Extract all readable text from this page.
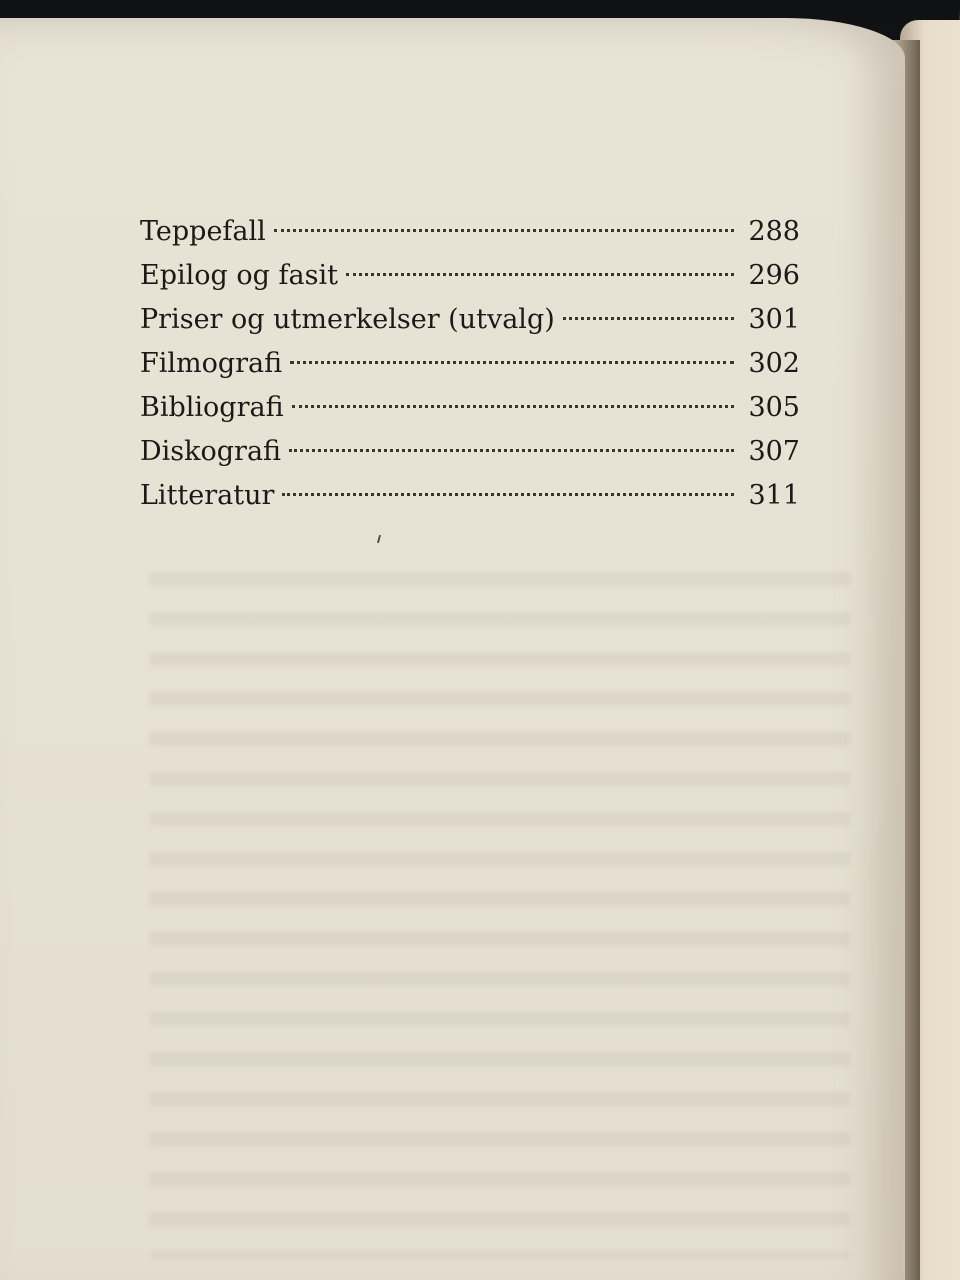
Teppefall	288
Epilog og fasit	296
Priser og utmerkelser (utvalg)	301
Filmografi	302
Bibliografi	305
Diskografi	307
Litteratur	311
